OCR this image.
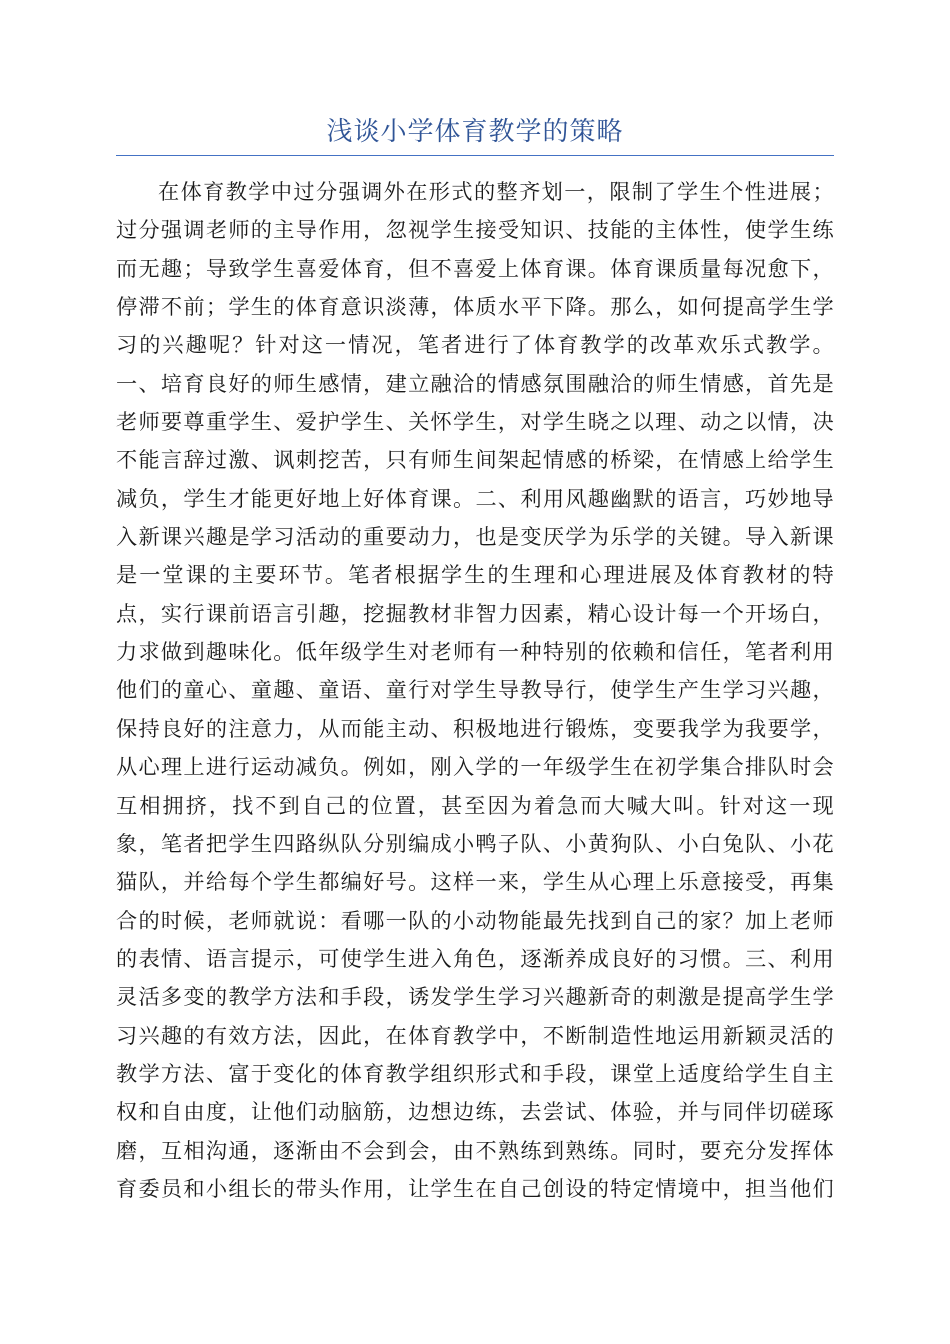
浅谈小学体育教学的策略
在体育教学中过分强调外在形式的整齐划一，限制了学生个性进展；
过分强调老师的主导作用，忽视学生接受知识、技能的主体性，使学生练
而无趣；导致学生喜爱体育，但不喜爱上体育课。体育课质量每况愈下，
停滞不前；学生的体育意识淡薄，体质水平下降。那么，如何提高学生学
习的兴趣呢？针对这一情况，笔者进行了体育教学的改革欢乐式教学。
一、培育良好的师生感情，建立融洽的情感氛围融洽的师生情感，首先是
老师要尊重学生、爱护学生、关怀学生，对学生晓之以理、动之以情，决
不能言辞过激、讽刺挖苦，只有师生间架起情感的桥梁，在情感上给学生
减负，学生才能更好地上好体育课。二、利用风趣幽默的语言，巧妙地导
入新课兴趣是学习活动的重要动力，也是变厌学为乐学的关键。导入新课
是一堂课的主要环节。笔者根据学生的生理和心理进展及体育教材的特
点，实行课前语言引趣，挖掘教材非智力因素，精心设计每一个开场白，
力求做到趣味化。低年级学生对老师有一种特别的依赖和信任，笔者利用
他们的童心、童趣、童语、童行对学生导教导行，使学生产生学习兴趣，
保持良好的注意力，从而能主动、积极地进行锻炼，变要我学为我要学，
从心理上进行运动减负。例如，刚入学的一年级学生在初学集合排队时会
互相拥挤，找不到自己的位置，甚至因为着急而大喊大叫。针对这一现
象，笔者把学生四路纵队分别编成小鸭子队、小黄狗队、小白兔队、小花
猫队，并给每个学生都编好号。这样一来，学生从心理上乐意接受，再集
合的时候，老师就说：看哪一队的小动物能最先找到自己的家？加上老师
的表情、语言提示，可使学生进入角色，逐渐养成良好的习惯。三、利用
灵活多变的教学方法和手段，诱发学生学习兴趣新奇的刺激是提高学生学
习兴趣的有效方法，因此，在体育教学中，不断制造性地运用新颖灵活的
教学方法、富于变化的体育教学组织形式和手段，课堂上适度给学生自主
权和自由度，让他们动脑筋，边想边练，去尝试、体验，并与同伴切磋琢
磨，互相沟通，逐渐由不会到会，由不熟练到熟练。同时，要充分发挥体
育委员和小组长的带头作用，让学生在自己创设的特定情境中，担当他们
